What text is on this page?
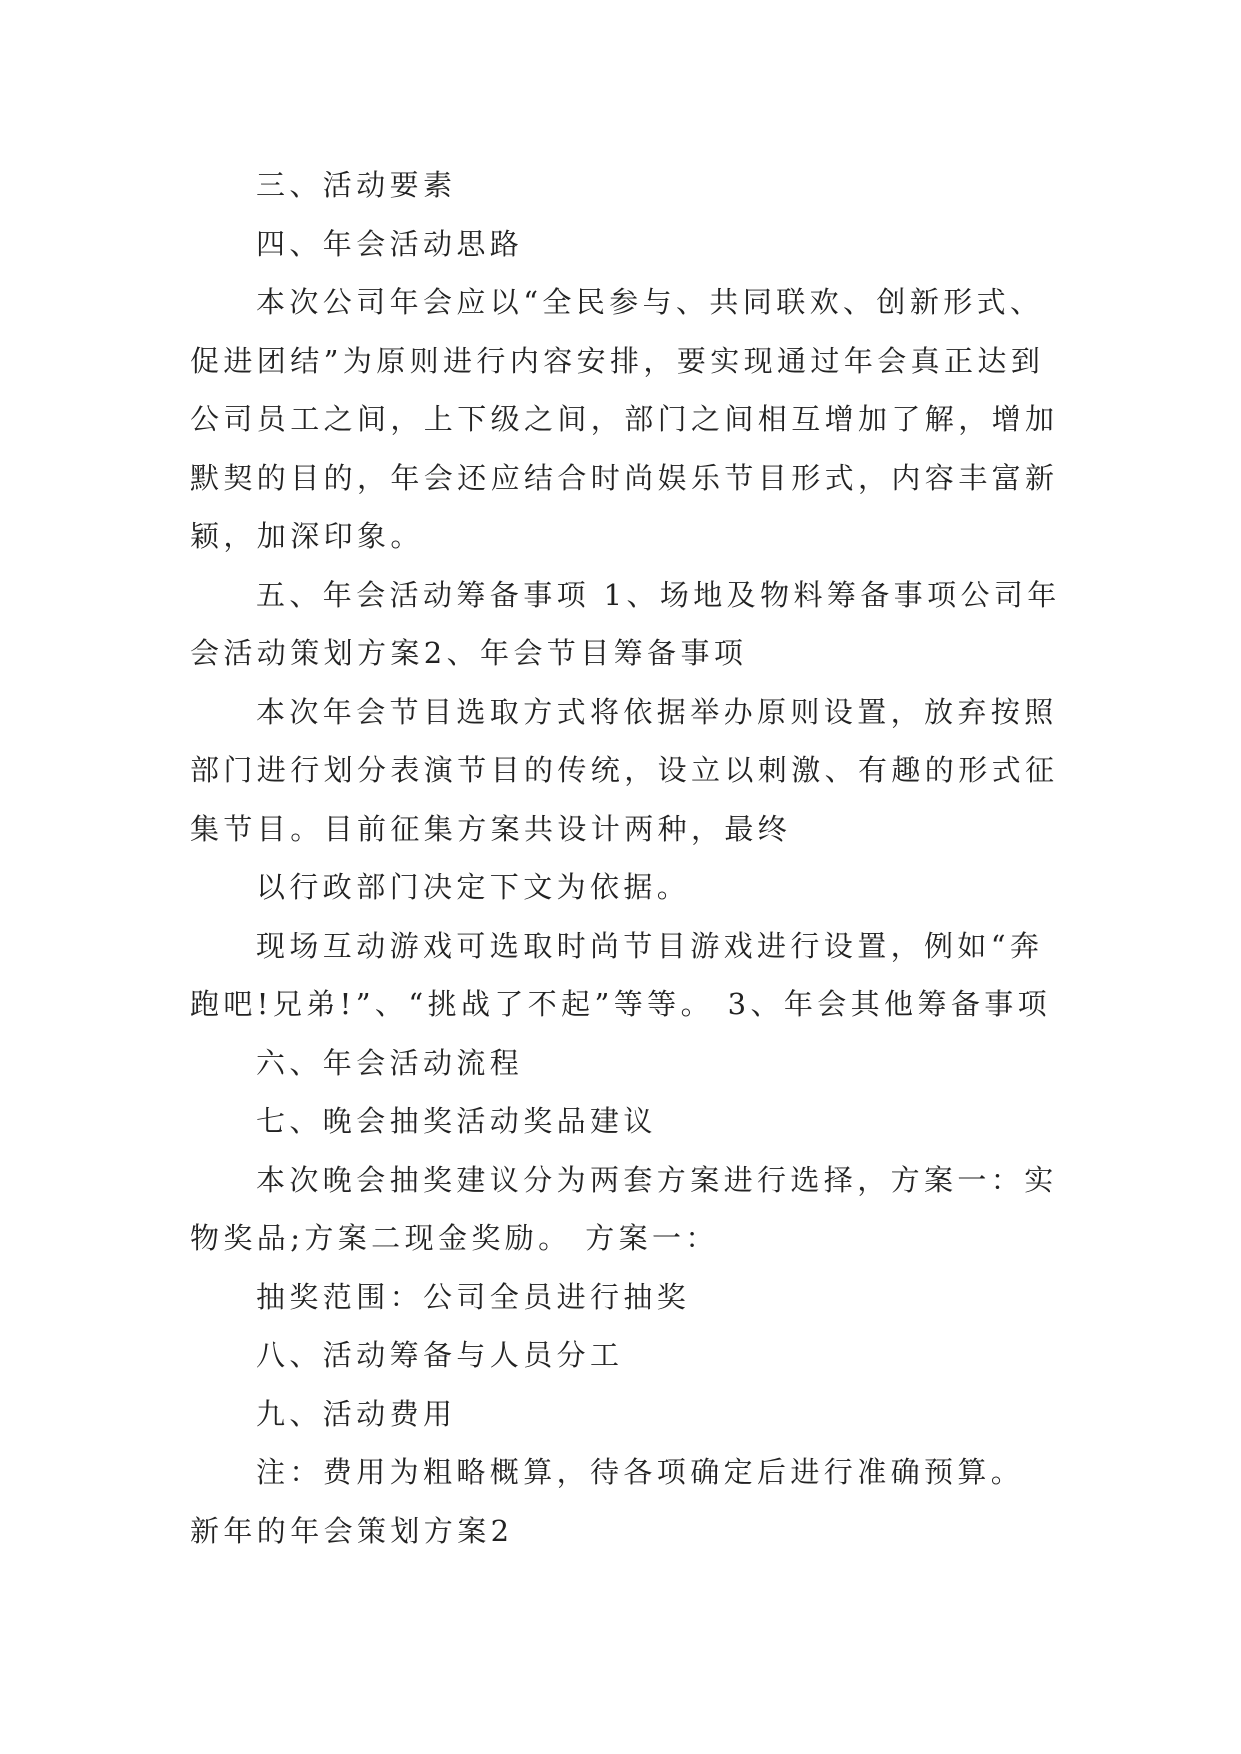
三、活动要素

四、年会活动思路

本次公司年会应以“全民参与、共同联欢、创新形式、
促进团结”为原则进行内容安排，要实现通过年会真正达到
公司员工之间，上下级之间，部门之间相互增加了解，增加
默契的目的，年会还应结合时尚娱乐节目形式，内容丰富新
颖，加深印象。

五、年会活动筹备事项 1、场地及物料筹备事项公司年
会活动策划方案2、年会节目筹备事项

本次年会节目选取方式将依据举办原则设置，放弃按照
部门进行划分表演节目的传统，设立以刺激、有趣的形式征
集节目。目前征集方案共设计两种，最终

以行政部门决定下文为依据。

现场互动游戏可选取时尚节目游戏进行设置，例如“奔
跑吧!兄弟!”、“挑战了不起”等等。 3、年会其他筹备事项

六、年会活动流程

七、晚会抽奖活动奖品建议

本次晚会抽奖建议分为两套方案进行选择，方案一：实
物奖品;方案二现金奖励。 方案一：

抽奖范围：公司全员进行抽奖

八、活动筹备与人员分工

九、活动费用

注：费用为粗略概算，待各项确定后进行准确预算。

新年的年会策划方案2
